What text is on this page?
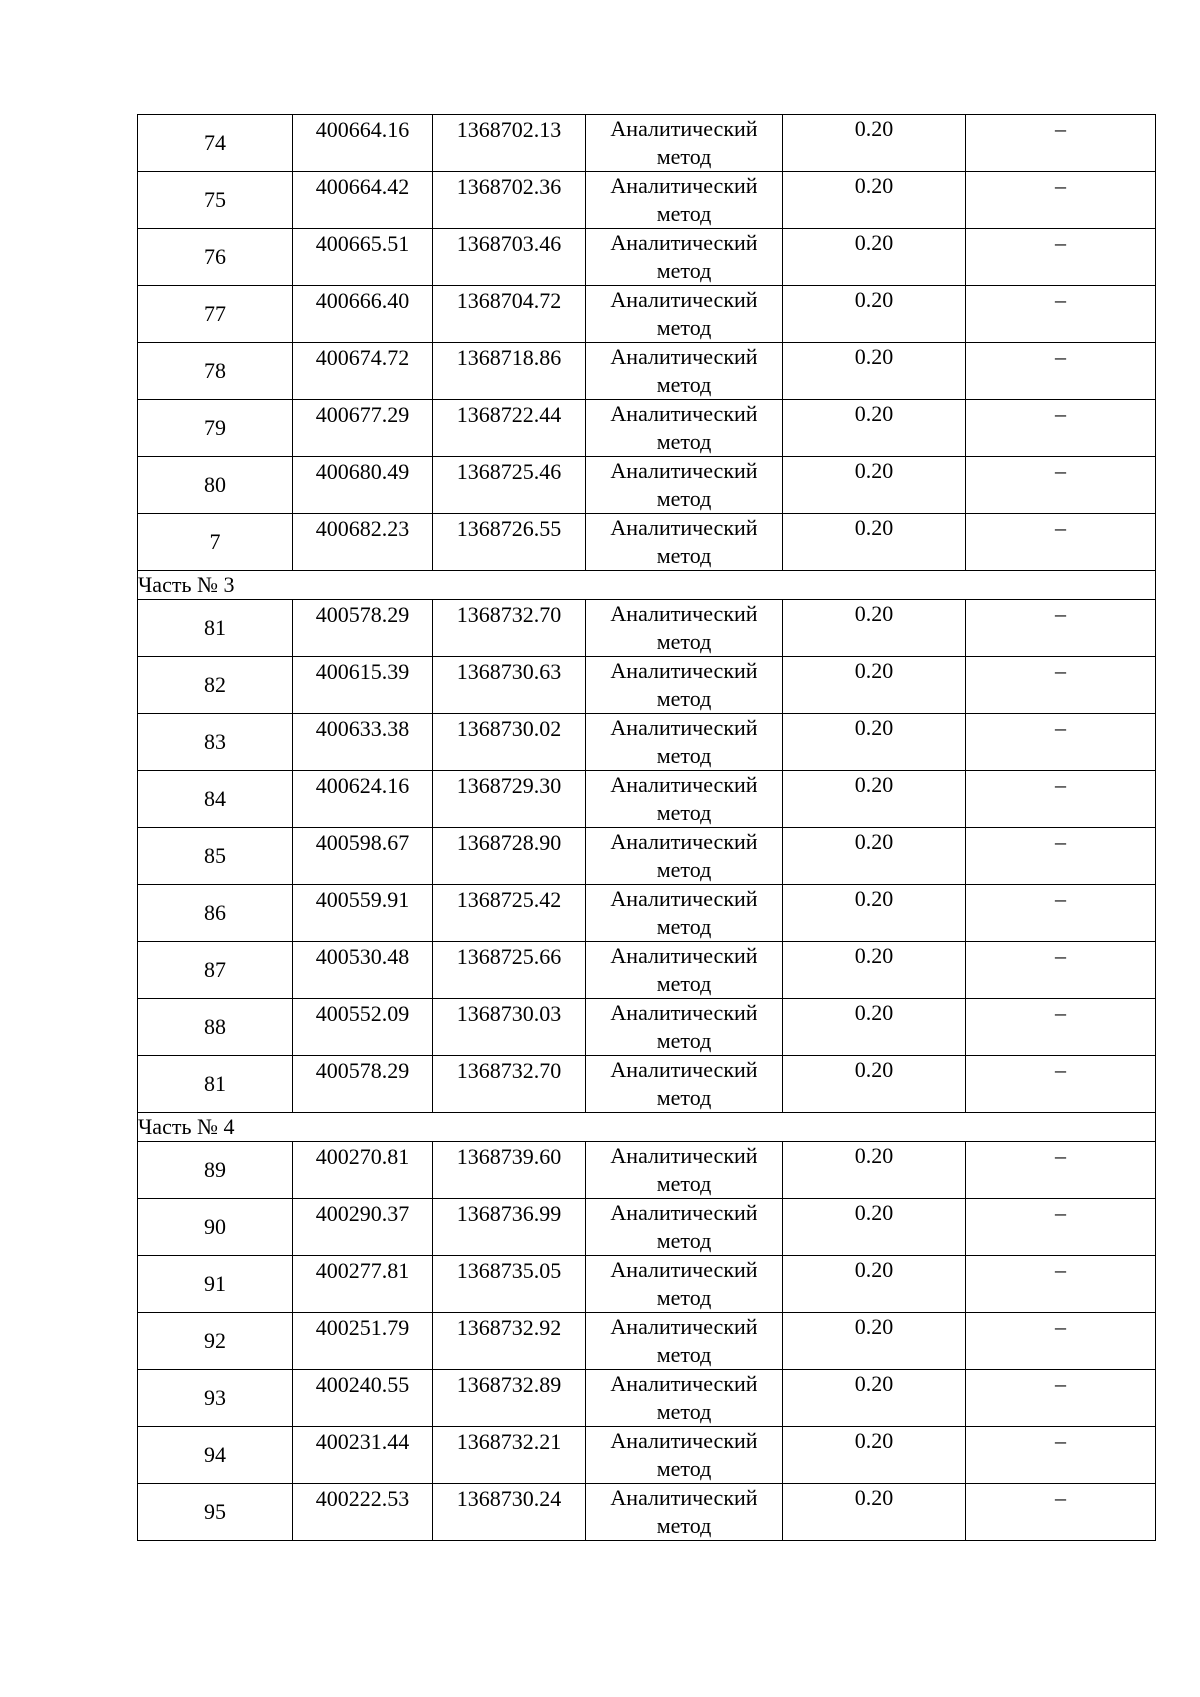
74	400664.16	1368702.13	Аналитический метод	0.20	–
75	400664.42	1368702.36	Аналитический метод	0.20	–
76	400665.51	1368703.46	Аналитический метод	0.20	–
77	400666.40	1368704.72	Аналитический метод	0.20	–
78	400674.72	1368718.86	Аналитический метод	0.20	–
79	400677.29	1368722.44	Аналитический метод	0.20	–
80	400680.49	1368725.46	Аналитический метод	0.20	–
7	400682.23	1368726.55	Аналитический метод	0.20	–
Часть № 3					
81	400578.29	1368732.70	Аналитический метод	0.20	–
82	400615.39	1368730.63	Аналитический метод	0.20	–
83	400633.38	1368730.02	Аналитический метод	0.20	–
84	400624.16	1368729.30	Аналитический метод	0.20	–
85	400598.67	1368728.90	Аналитический метод	0.20	–
86	400559.91	1368725.42	Аналитический метод	0.20	–
87	400530.48	1368725.66	Аналитический метод	0.20	–
88	400552.09	1368730.03	Аналитический метод	0.20	–
81	400578.29	1368732.70	Аналитический метод	0.20	–
Часть № 4					
89	400270.81	1368739.60	Аналитический метод	0.20	–
90	400290.37	1368736.99	Аналитический метод	0.20	–
91	400277.81	1368735.05	Аналитический метод	0.20	–
92	400251.79	1368732.92	Аналитический метод	0.20	–
93	400240.55	1368732.89	Аналитический метод	0.20	–
94	400231.44	1368732.21	Аналитический метод	0.20	–
95	400222.53	1368730.24	Аналитический метод	0.20	–
